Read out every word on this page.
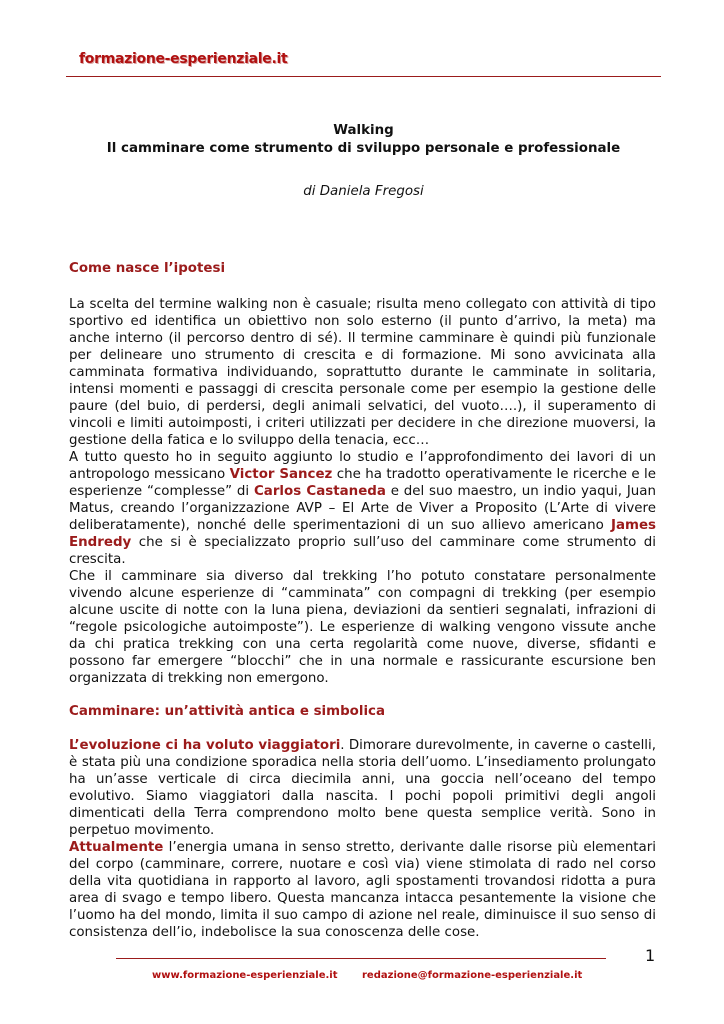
formazione-esperienziale.it
Walking
Il camminare come strumento di sviluppo personale e professionale
di Daniela Fregosi

Come nasce l’ipotesi

La scelta del termine walking non è casuale; risulta meno collegato con attività di tipo sportivo ed identifica un obiettivo non solo esterno (il punto d’arrivo, la meta) ma anche interno (il percorso dentro di sé). Il termine camminare è quindi più funzionale per delineare uno strumento di crescita e di formazione. Mi sono avvicinata alla camminata formativa individuando, soprattutto durante le camminate in solitaria, intensi momenti e passaggi di crescita personale come per esempio la gestione delle paure (del buio, di perdersi, degli animali selvatici, del vuoto….), il superamento di vincoli e limiti autoimposti, i criteri utilizzati per decidere in che direzione muoversi, la gestione della fatica e lo sviluppo della tenacia, ecc…

A tutto questo ho in seguito aggiunto lo studio e l’approfondimento dei lavori di un antropologo messicano Victor Sancez che ha tradotto operativamente le ricerche e le esperienze “complesse” di Carlos Castaneda e del suo maestro, un indio yaqui, Juan Matus, creando l’organizzazione AVP – El Arte de Viver a Proposito (L’Arte di vivere deliberatamente), nonché delle sperimentazioni di un suo allievo americano James Endredy che si è specializzato proprio sull’uso del camminare come strumento di crescita.

Che il camminare sia diverso dal trekking l’ho potuto constatare personalmente vivendo alcune esperienze di “camminata” con compagni di trekking (per esempio alcune uscite di notte con la luna piena, deviazioni da sentieri segnalati, infrazioni di “regole psicologiche autoimposte”). Le esperienze di walking vengono vissute anche da chi pratica trekking con una certa regolarità come nuove, diverse, sfidanti e possono far emergere “blocchi” che in una normale e rassicurante escursione ben organizzata di trekking non emergono.

Camminare: un’attività antica e simbolica

L’evoluzione ci ha voluto viaggiatori. Dimorare durevolmente, in caverne o castelli, è stata più una condizione sporadica nella storia dell’uomo. L’insediamento prolungato ha un’asse verticale di circa diecimila anni, una goccia nell’oceano del tempo evolutivo. Siamo viaggiatori dalla nascita. I pochi popoli primitivi degli angoli dimenticati della Terra comprendono molto bene questa semplice verità. Sono in perpetuo movimento.

Attualmente l’energia umana in senso stretto, derivante dalle risorse più elementari del corpo (camminare, correre, nuotare e così via) viene stimolata di rado nel corso della vita quotidiana in rapporto al lavoro, agli spostamenti trovandosi ridotta a pura area di svago e tempo libero. Questa mancanza intacca pesantemente la visione che l’uomo ha del mondo, limita il suo campo di azione nel reale, diminuisce il suo senso di consistenza dell’io, indebolisce la sua conoscenza delle cose.

1
www.formazione-esperienziale.it redazione@formazione-esperienziale.it
